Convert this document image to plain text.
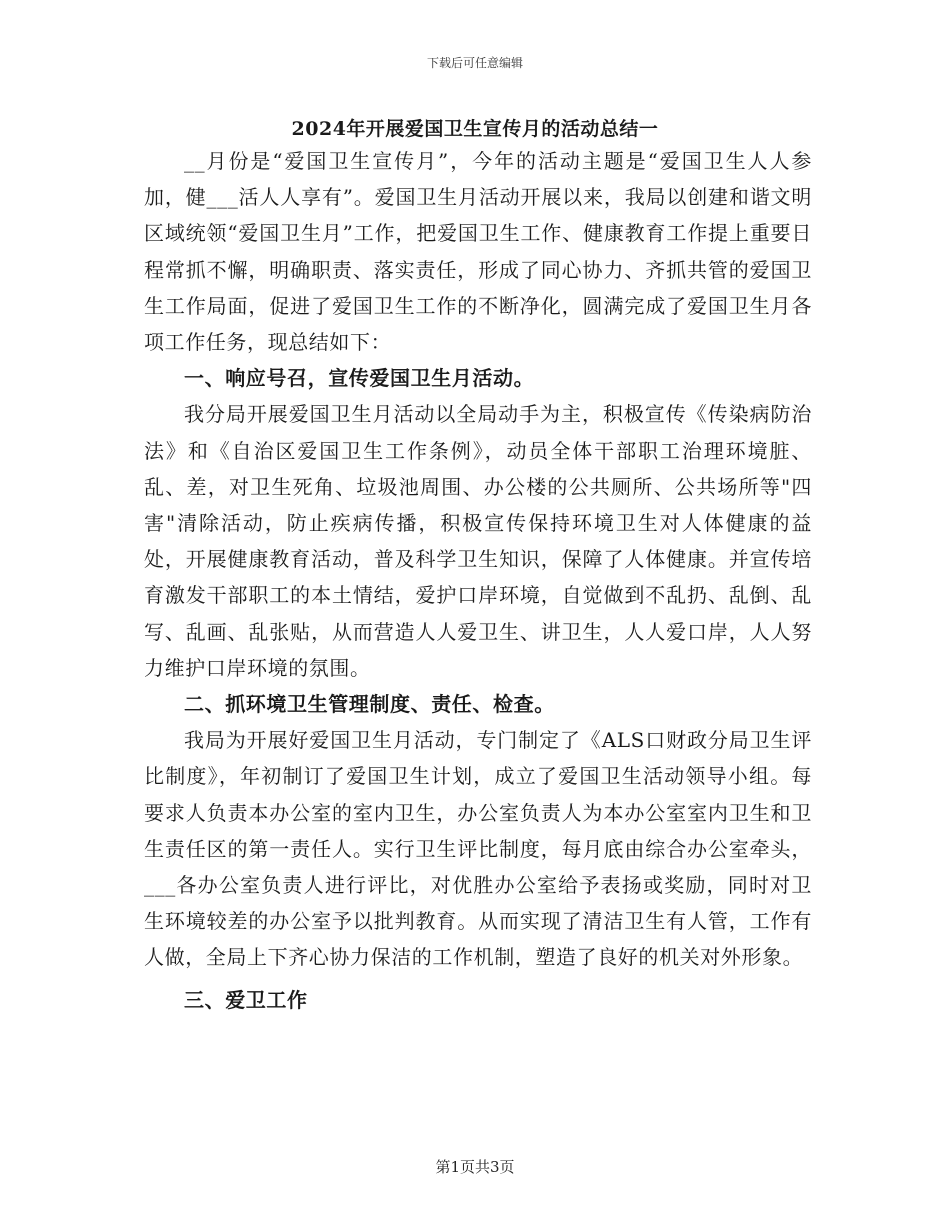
下载后可任意编辑
2024年开展爱国卫生宣传月的活动总结一

__月份是“爱国卫生宣传月”，今年的活动主题是“爱国卫生人人参加，健___活人人享有”。爱国卫生月活动开展以来，我局以创建和谐文明区域统领“爱国卫生月”工作，把爱国卫生工作、健康教育工作提上重要日程常抓不懈，明确职责、落实责任，形成了同心协力、齐抓共管的爱国卫生工作局面，促进了爱国卫生工作的不断净化，圆满完成了爱国卫生月各项工作任务，现总结如下：

一、响应号召，宣传爱国卫生月活动。

我分局开展爱国卫生月活动以全局动手为主，积极宣传《传染病防治法》和《自治区爱国卫生工作条例》，动员全体干部职工治理环境脏、乱、差，对卫生死角、垃圾池周围、办公楼的公共厕所、公共场所等"四害"清除活动，防止疾病传播，积极宣传保持环境卫生对人体健康的益处，开展健康教育活动，普及科学卫生知识，保障了人体健康。并宣传培育激发干部职工的本土情结，爱护口岸环境，自觉做到不乱扔、乱倒、乱写、乱画、乱张贴，从而营造人人爱卫生、讲卫生，人人爱口岸，人人努力维护口岸环境的氛围。

二、抓环境卫生管理制度、责任、检查。

我局为开展好爱国卫生月活动，专门制定了《ALS口财政分局卫生评比制度》，年初制订了爱国卫生计划，成立了爱国卫生活动领导小组。每要求人负责本办公室的室内卫生，办公室负责人为本办公室室内卫生和卫生责任区的第一责任人。实行卫生评比制度，每月底由综合办公室牵头，___各办公室负责人进行评比，对优胜办公室给予表扬或奖励，同时对卫生环境较差的办公室予以批判教育。从而实现了清洁卫生有人管，工作有人做，全局上下齐心协力保洁的工作机制，塑造了良好的机关对外形象。

三、爱卫工作

第1页共3页
